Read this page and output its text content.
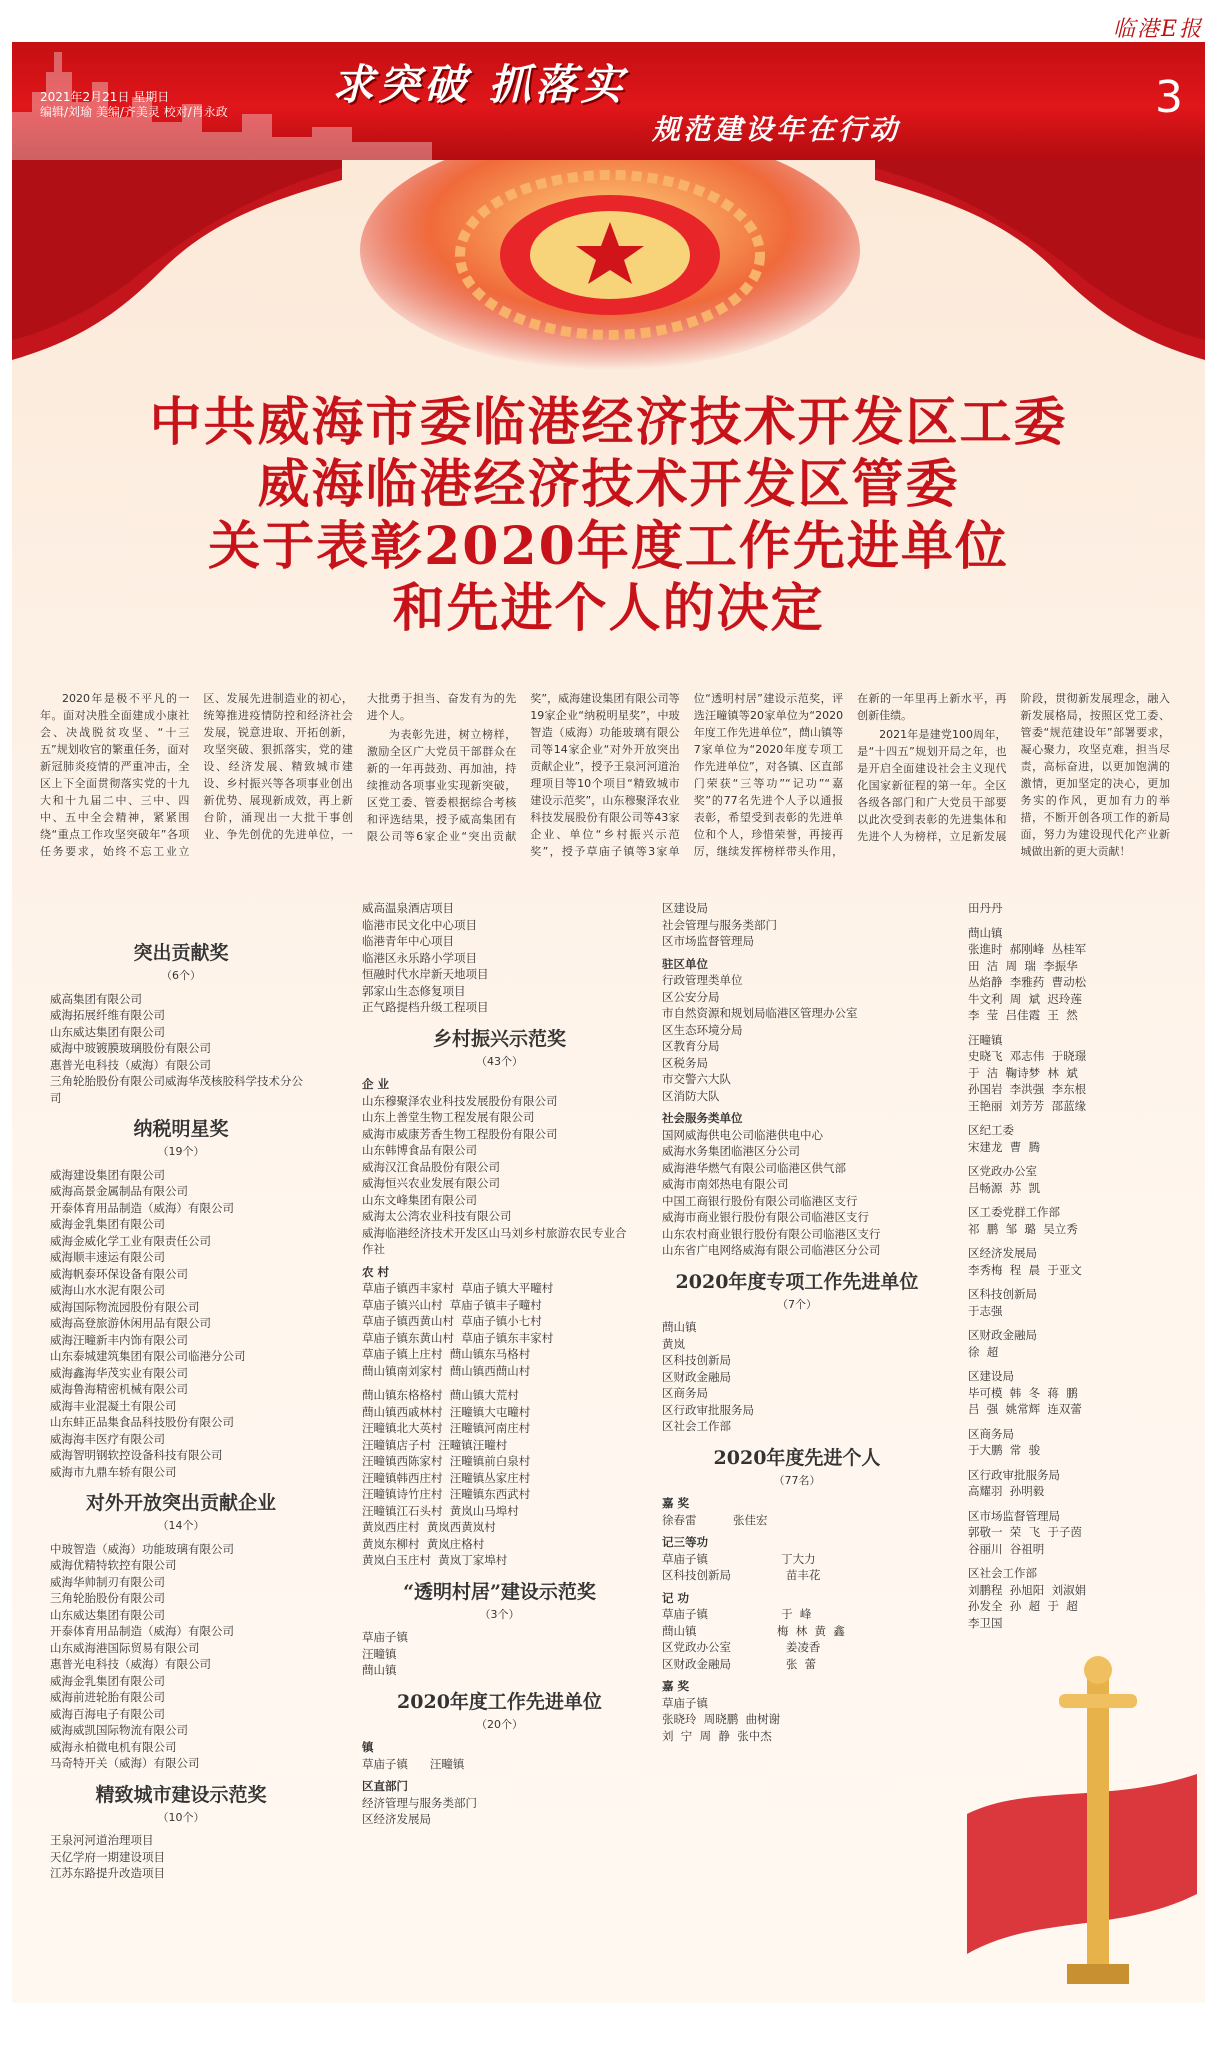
临港E报
2021年2月21日 星期日
编辑/刘瑜 美编/齐美灵 校对/肖永政
求突破 抓落实
规范建设年在行动
3
中共威海市委临港经济技术开发区工委
威海临港经济技术开发区管委
关于表彰2020年度工作先进单位
和先进个人的决定

2020年是极不平凡的一年。面对决胜全面建成小康社会、决战脱贫攻坚、“十三五”规划收官的繁重任务，面对新冠肺炎疫情的严重冲击，全区上下全面贯彻落实党的十九大和十九届二中、三中、四中、五中全会精神，紧紧围绕“重点工作攻坚突破年”各项任务要求，始终不忘工业立区、发展先进制造业的初心，统筹推进疫情防控和经济社会发展，锐意进取、开拓创新，攻坚突破、狠抓落实，党的建设、经济发展、精致城市建设、乡村振兴等各项事业创出新优势、展现新成效，再上新台阶，涌现出一大批干事创业、争先创优的先进单位，一大批勇于担当、奋发有为的先进个人。

为表彰先进，树立榜样，激励全区广大党员干部群众在新的一年再鼓劲、再加油，持续推动各项事业实现新突破，区党工委、管委根据综合考核和评选结果，授予威高集团有限公司等6家企业“突出贡献奖”，威海建设集团有限公司等19家企业“纳税明星奖”，中玻智造（威海）功能玻璃有限公司等14家企业“对外开放突出贡献企业”，授予王泉河河道治理项目等10个项目“精致城市建设示范奖”，山东穆聚泽农业科技发展股份有限公司等43家企业、单位“乡村振兴示范奖”，授予草庙子镇等3家单位“透明村居”建设示范奖，评选汪疃镇等20家单位为“2020年度工作先进单位”，蔄山镇等7家单位为“2020年度专项工作先进单位”，对各镇、区直部门荣获“三等功”“记功”“嘉奖”的77名先进个人予以通报表彰，希望受到表彰的先进单位和个人，珍惜荣誉，再接再厉，继续发挥榜样带头作用，在新的一年里再上新水平，再创新佳绩。

2021年是建党100周年，是“十四五”规划开局之年，也是开启全面建设社会主义现代化国家新征程的第一年。全区各级各部门和广大党员干部要以此次受到表彰的先进集体和先进个人为榜样，立足新发展阶段，贯彻新发展理念，融入新发展格局，按照区党工委、管委“规范建设年”部署要求，凝心聚力，攻坚克难，担当尽责，高标奋进，以更加饱满的激情，更加坚定的决心，更加务实的作风，更加有力的举措，不断开创各项工作的新局面，努力为建设现代化产业新城做出新的更大贡献！

突出贡献奖
（6个）
威高集团有限公司
威海拓展纤维有限公司
山东威达集团有限公司
威海中玻镀膜玻璃股份有限公司
惠普光电科技（威海）有限公司
三角轮胎股份有限公司威海华茂核胶科学技术分公司
纳税明星奖
（19个）
威海建设集团有限公司
威海高景金属制品有限公司
开泰体育用品制造（威海）有限公司
威海金乳集团有限公司
威海金威化学工业有限责任公司
威海顺丰速运有限公司
威海帆泰环保设备有限公司
威海山水水泥有限公司
威海国际物流园股份有限公司
威海高登旅游休闲用品有限公司
威海汪疃新丰内饰有限公司
山东泰城建筑集团有限公司临港分公司
威海鑫海华茂实业有限公司
威海鲁海精密机械有限公司
威海丰业混凝土有限公司
山东蚌正品集食品科技股份有限公司
威海海丰医疗有限公司
威海智明钢软控设备科技有限公司
威海市九鼎车轿有限公司
对外开放突出贡献企业
（14个）
中玻智造（威海）功能玻璃有限公司
威海优精特软控有限公司
威海华帅制刃有限公司
三角轮胎股份有限公司
山东威达集团有限公司
开泰体育用品制造（威海）有限公司
山东威海港国际贸易有限公司
惠普光电科技（威海）有限公司
威海金乳集团有限公司
威海前进轮胎有限公司
威海百海电子有限公司
威海威凯国际物流有限公司
威海永柏微电机有限公司
马奇特开关（威海）有限公司
精致城市建设示范奖
（10个）
王泉河河道治理项目
天亿学府一期建设项目
江苏东路提升改造项目
威高温泉酒店项目
临港市民文化中心项目
临港青年中心项目
临港区永乐路小学项目
恒融时代水岸新天地项目
郭家山生态修复项目
正气路提档升级工程项目
乡村振兴示范奖
（43个）
企 业
山东穆聚泽农业科技发展股份有限公司
山东上善堂生物工程发展有限公司
威海市威康芳香生物工程股份有限公司
山东韩博食品有限公司
威海汉江食品股份有限公司
威海恒兴农业发展有限公司
山东文峰集团有限公司
威海太公湾农业科技有限公司
威海临港经济技术开发区山马刘乡村旅游农民专业合作社
农 村
草庙子镇西丰家村  草庙子镇大平疃村
草庙子镇兴山村  草庙子镇丰子疃村
草庙子镇西黄山村  草庙子镇小七村
草庙子镇东黄山村  草庙子镇东丰家村
草庙子镇上庄村  蔄山镇东马格村
蔄山镇南刘家村  蔄山镇西蔄山村
蔄山镇东格格村  蔄山镇大荒村
蔄山镇西戚林村  汪疃镇大屯疃村
汪疃镇北大英村  汪疃镇河南庄村
汪疃镇店子村  汪疃镇汪疃村
汪疃镇西陈家村  汪疃镇前白泉村
汪疃镇韩西庄村  汪疃镇丛家庄村
汪疃镇诗竹庄村  汪疃镇东西武村
汪疃镇江石头村  黄岚山马埠村
黄岚西庄村  黄岚西黄岚村
黄岚东柳村  黄岚庄格村
黄岚白玉庄村  黄岚丁家埠村
“透明村居”建设示范奖
（3个）
草庙子镇
汪疃镇
蔄山镇
2020年度工作先进单位
（20个）
镇
草庙子镇      汪疃镇
区直部门
经济管理与服务类部门
区经济发展局
区建设局
社会管理与服务类部门
区市场监督管理局
驻区单位
行政管理类单位
区公安分局
市自然资源和规划局临港区管理办公室
区生态环境分局
区教育分局
区税务局
市交警六大队
区消防大队
社会服务类单位
国网威海供电公司临港供电中心
威海水务集团临港区分公司
威海港华燃气有限公司临港区供气部
威海市南郊热电有限公司
中国工商银行股份有限公司临港区支行
威海市商业银行股份有限公司临港区支行
山东农村商业银行股份有限公司临港区支行
山东省广电网络威海有限公司临港区分公司
2020年度专项工作先进单位
（7个）
蔄山镇
黄岚
区科技创新局
区财政金融局
区商务局
区行政审批服务局
区社会工作部
2020年度先进个人
（77名）
嘉 奖
徐春雷          张佳宏
记三等功
草庙子镇                    丁大力
区科技创新局               苗丰花
记 功
草庙子镇                    于  峰
蔄山镇                      梅  林  黄  鑫
区党政办公室               姜凌香
区财政金融局               张  蕾
嘉 奖
草庙子镇
张晓玲  周晓鹏  曲树谢
刘  宁  周  静  张中杰
田丹丹
蔄山镇
张進时  郝刚峰  丛桂军
田  洁  周  瑞  李振华
丛焰静  李雅药  曹动松
牛文利  周  斌  迟玲莲
李  莹  吕佳霞  王  然
汪疃镇
史晓飞  邓志伟  于晓璟
于  洁  鞠诗梦  林  斌
孙国岩  李洪强  李东根
王艳丽  刘芳芳  邵蓝缘
区纪工委
宋建龙  曹  腾
区党政办公室
吕畅源  苏  凯
区工委党群工作部
祁  鹏  邹  璐  吴立秀
区经济发展局
李秀梅  程  晨  于亚文
区科技创新局
于志强
区财政金融局
徐  超
区建设局
毕可模  韩  冬  蒋  鹏
吕  强  姚常辉  连双蕾
区商务局
于大鹏  常  骏
区行政审批服务局
高耀羽  孙明毅
区市场监督管理局
郭敬一  荣  飞  于子茵
谷丽川  谷祖明
区社会工作部
刘鹏程  孙旭阳  刘淑娟
孙发全  孙  超  于  超
李卫国
